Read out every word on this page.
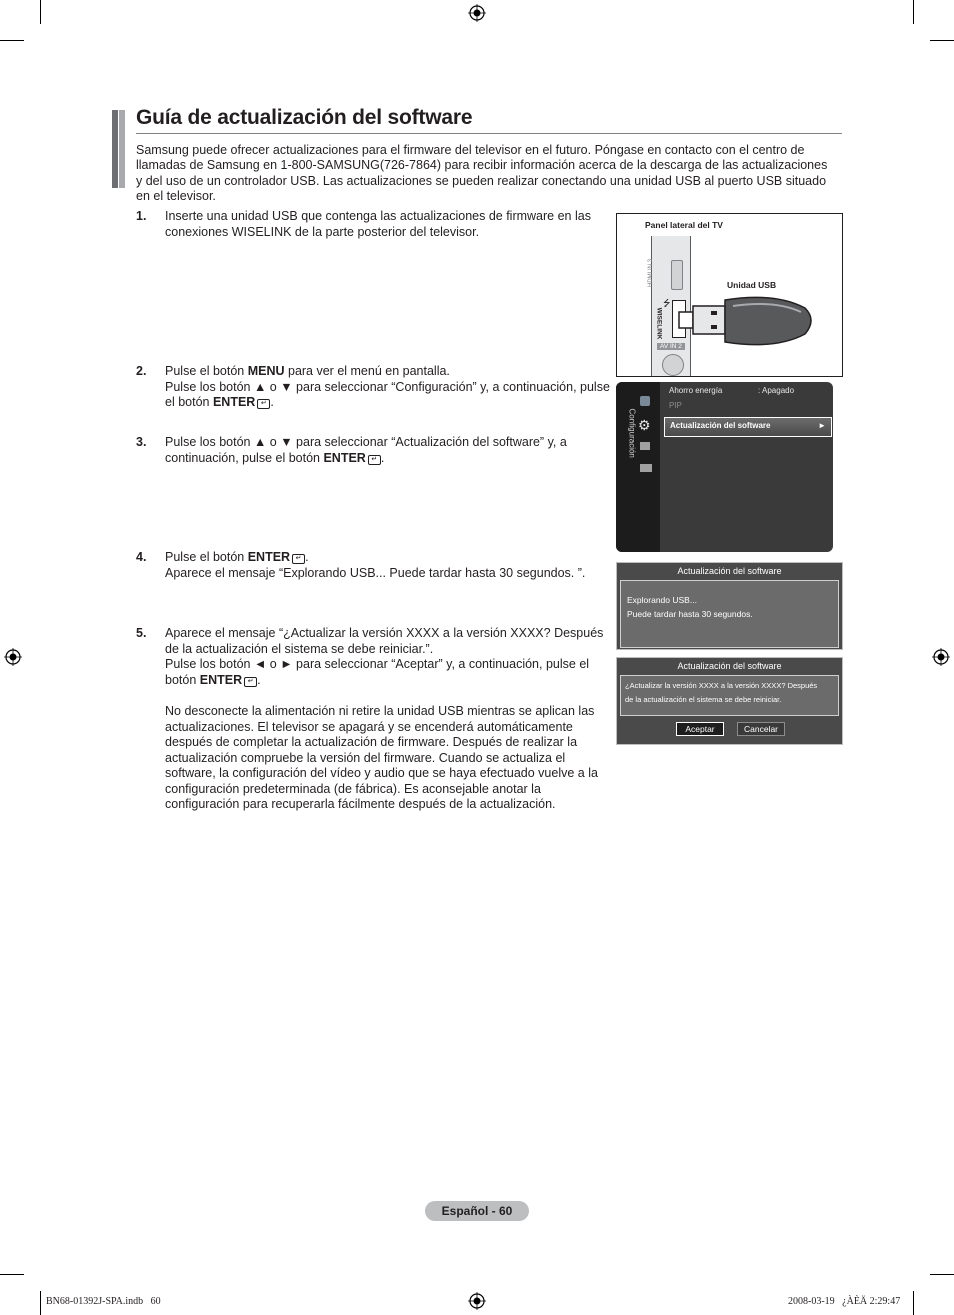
Guía de actualización del software
Samsung puede ofrecer actualizaciones para el firmware del televisor en el futuro. Póngase en contacto con el centro de llamadas de Samsung en 1-800-SAMSUNG(726-7864) para recibir información acerca de la descarga de las actualizaciones y del uso de un controlador USB. Las actualizaciones se pueden realizar conectando una unidad USB al puerto USB situado en el televisor.
1. Inserte una unidad USB que contenga las actualizaciones de firmware en las conexiones WISELINK de la parte posterior del televisor.
2. Pulse el botón MENU para ver el menú en pantalla.
Pulse los botón ▲ o ▼ para seleccionar “Configuración” y, a continuación, pulse el botón ENTER ↵ .
3. Pulse los botón ▲ o ▼ para seleccionar “Actualización del software” y, a continuación, pulse el botón ENTER ↵ .
4. Pulse el botón ENTER ↵ .
Aparece el mensaje “Explorando USB... Puede tardar hasta 30 segundos. ”.
5. Aparece el mensaje “¿Actualizar la versión XXXX a la versión XXXX? Después de la actualización el sistema se debe reiniciar.”.
Pulse los botón ◄ o ► para seleccionar “Aceptar” y, a continuación, pulse el botón ENTER ↵ .
No desconecte la alimentación ni retire la unidad USB mientras se aplican las actualizaciones. El televisor se apagará y se encenderá automáticamente después de completar la actualización de firmware. Después de realizar la actualización compruebe la versión del firmware. Cuando se actualiza el software, la configuración del vídeo y audio que se haya efectuado vuelve a la configuración predeterminada (de fábrica). Es aconsejable anotar la configuración para recuperarla fácilmente después de la actualización.
Panel lateral del TV
Unidad USB
HDMI IN 3
⭍
WISELINK
AV IN 2
Configuración ⚙
Ahorro energía	: Apagado
PIP
Actualización del software	►
Actualización del software
Explorando USB...
Puede tardar hasta 30 segundos.
Actualización del software
¿Actualizar la versión XXXX a la versión XXXX? Después
de la actualización el sistema se debe reiniciar.
Aceptar	Cancelar
Español - 60
BN68-01392J-SPA.indb   60	2008-03-19   ¿ÀÈÄ 2:29:47
